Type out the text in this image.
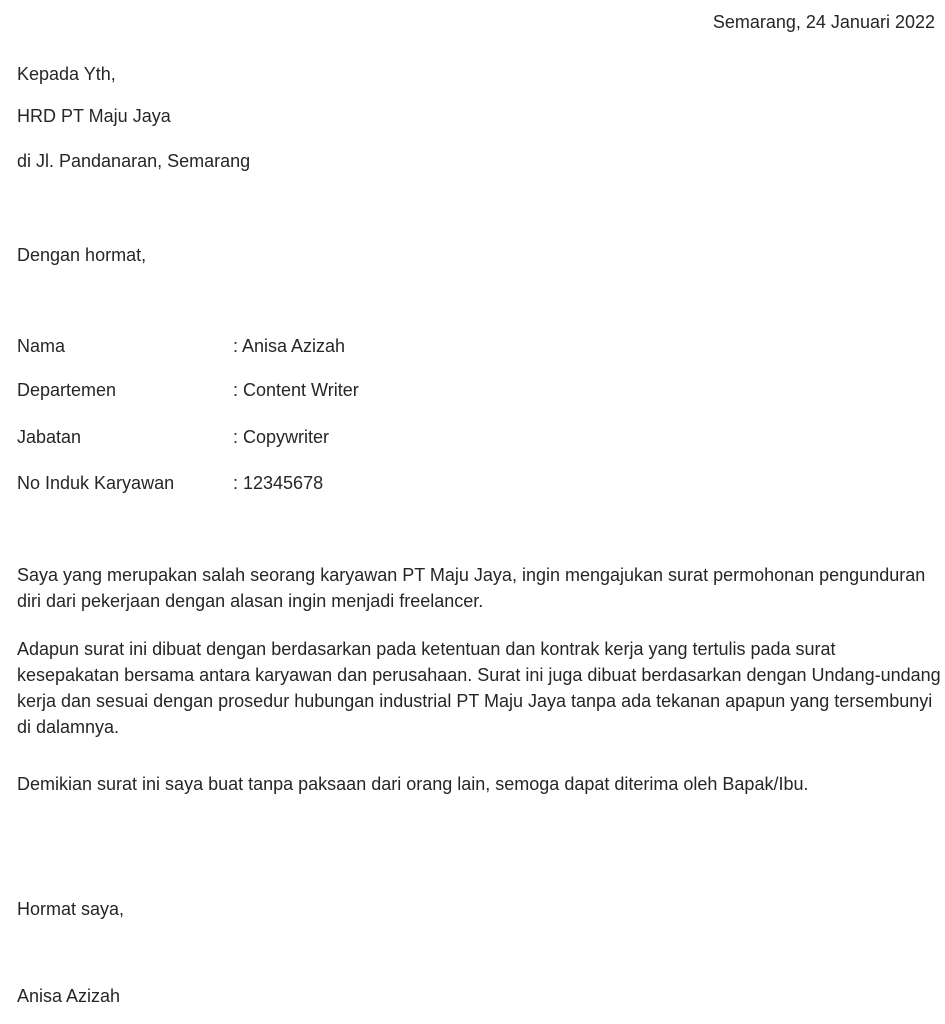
Semarang, 24 Januari 2022
Kepada Yth,
HRD PT Maju Jaya
di Jl. Pandanaran, Semarang
Dengan hormat,
Nama	: Anisa Azizah
Departemen	: Content Writer
Jabatan	: Copywriter
No Induk Karyawan	: 12345678
Saya yang merupakan salah seorang karyawan PT Maju Jaya, ingin mengajukan surat permohonan pengunduran diri dari pekerjaan dengan alasan ingin menjadi freelancer.
Adapun surat ini dibuat dengan berdasarkan pada ketentuan dan kontrak kerja yang tertulis pada surat kesepakatan bersama antara karyawan dan perusahaan. Surat ini juga dibuat berdasarkan dengan Undang-undang kerja dan sesuai dengan prosedur hubungan industrial PT Maju Jaya tanpa ada tekanan apapun yang tersembunyi di dalamnya.
Demikian surat ini saya buat tanpa paksaan dari orang lain, semoga dapat diterima oleh Bapak/Ibu.
Hormat saya,
Anisa Azizah
